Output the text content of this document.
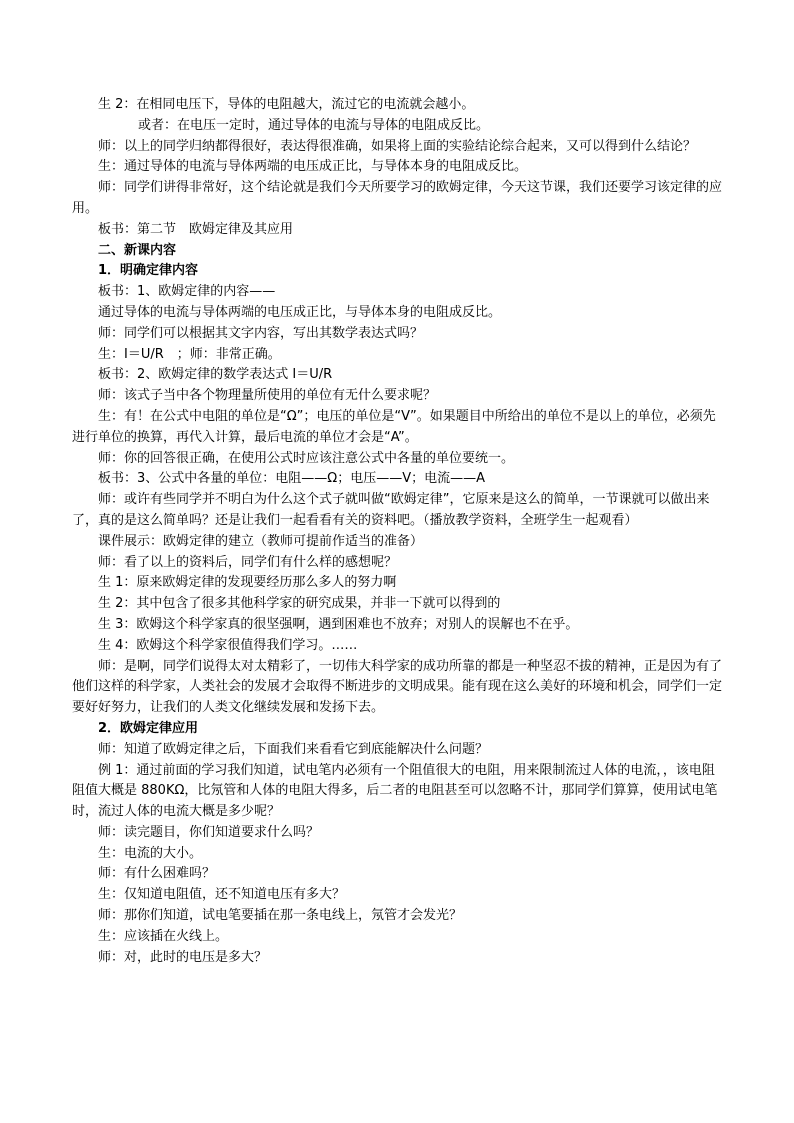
生 2：在相同电压下，导体的电阻越大，流过它的电流就会越小。

或者：在电压一定时，通过导体的电流与导体的电阻成反比。

师：以上的同学归纳都得很好，表达得很准确，如果将上面的实验结论综合起来，又可以得到什么结论？

生：通过导体的电流与导体两端的电压成正比，与导体本身的电阻成反比。

师：同学们讲得非常好，这个结论就是我们今天所要学习的欧姆定律，今天这节课，我们还要学习该定律的应用。

板书：第二节　欧姆定律及其应用

二、新课内容

1．明确定律内容

板书：1、欧姆定律的内容——

通过导体的电流与导体两端的电压成正比，与导体本身的电阻成反比。

师：同学们可以根据其文字内容，写出其数学表达式吗？

生：I＝U/R　；师：非常正确。

板书：2、欧姆定律的数学表达式 I＝U/R

师：该式子当中各个物理量所使用的单位有无什么要求呢？

生：有！在公式中电阻的单位是“Ω”；电压的单位是“V”。如果题目中所给出的单位不是以上的单位，必须先进行单位的换算，再代入计算，最后电流的单位才会是“A”。

师：你的回答很正确，在使用公式时应该注意公式中各量的单位要统一。

板书：3、公式中各量的单位：电阻——Ω；电压——V；电流——A

师：或许有些同学并不明白为什么这个式子就叫做“欧姆定律”，它原来是这么的简单，一节课就可以做出来了，真的是这么简单吗？还是让我们一起看看有关的资料吧。（播放教学资料，全班学生一起观看）

课件展示：欧姆定律的建立（教师可提前作适当的准备）

师：看了以上的资料后，同学们有什么样的感想呢？

生 1：原来欧姆定律的发现要经历那么多人的努力啊

生 2：其中包含了很多其他科学家的研究成果，并非一下就可以得到的

生 3：欧姆这个科学家真的很坚强啊，遇到困难也不放弃；对别人的误解也不在乎。

生 4：欧姆这个科学家很值得我们学习。……

师：是啊，同学们说得太对太精彩了，一切伟大科学家的成功所靠的都是一种坚忍不拔的精神，正是因为有了他们这样的科学家，人类社会的发展才会取得不断进步的文明成果。能有现在这么美好的环境和机会，同学们一定要好好努力，让我们的人类文化继续发展和发扬下去。

2．欧姆定律应用

师：知道了欧姆定律之后，下面我们来看看它到底能解决什么问题？

例 1：通过前面的学习我们知道，试电笔内必须有一个阻值很大的电阻，用来限制流过人体的电流，，该电阻阻值大概是 880KΩ，比氖管和人体的电阻大得多，后二者的电阻甚至可以忽略不计，那同学们算算，使用试电笔时，流过人体的电流大概是多少呢？

师：读完题目，你们知道要求什么吗？

生：电流的大小。

师：有什么困难吗？

生：仅知道电阻值，还不知道电压有多大？

师：那你们知道，试电笔要插在那一条电线上，氖管才会发光？

生：应该插在火线上。

师：对，此时的电压是多大？
